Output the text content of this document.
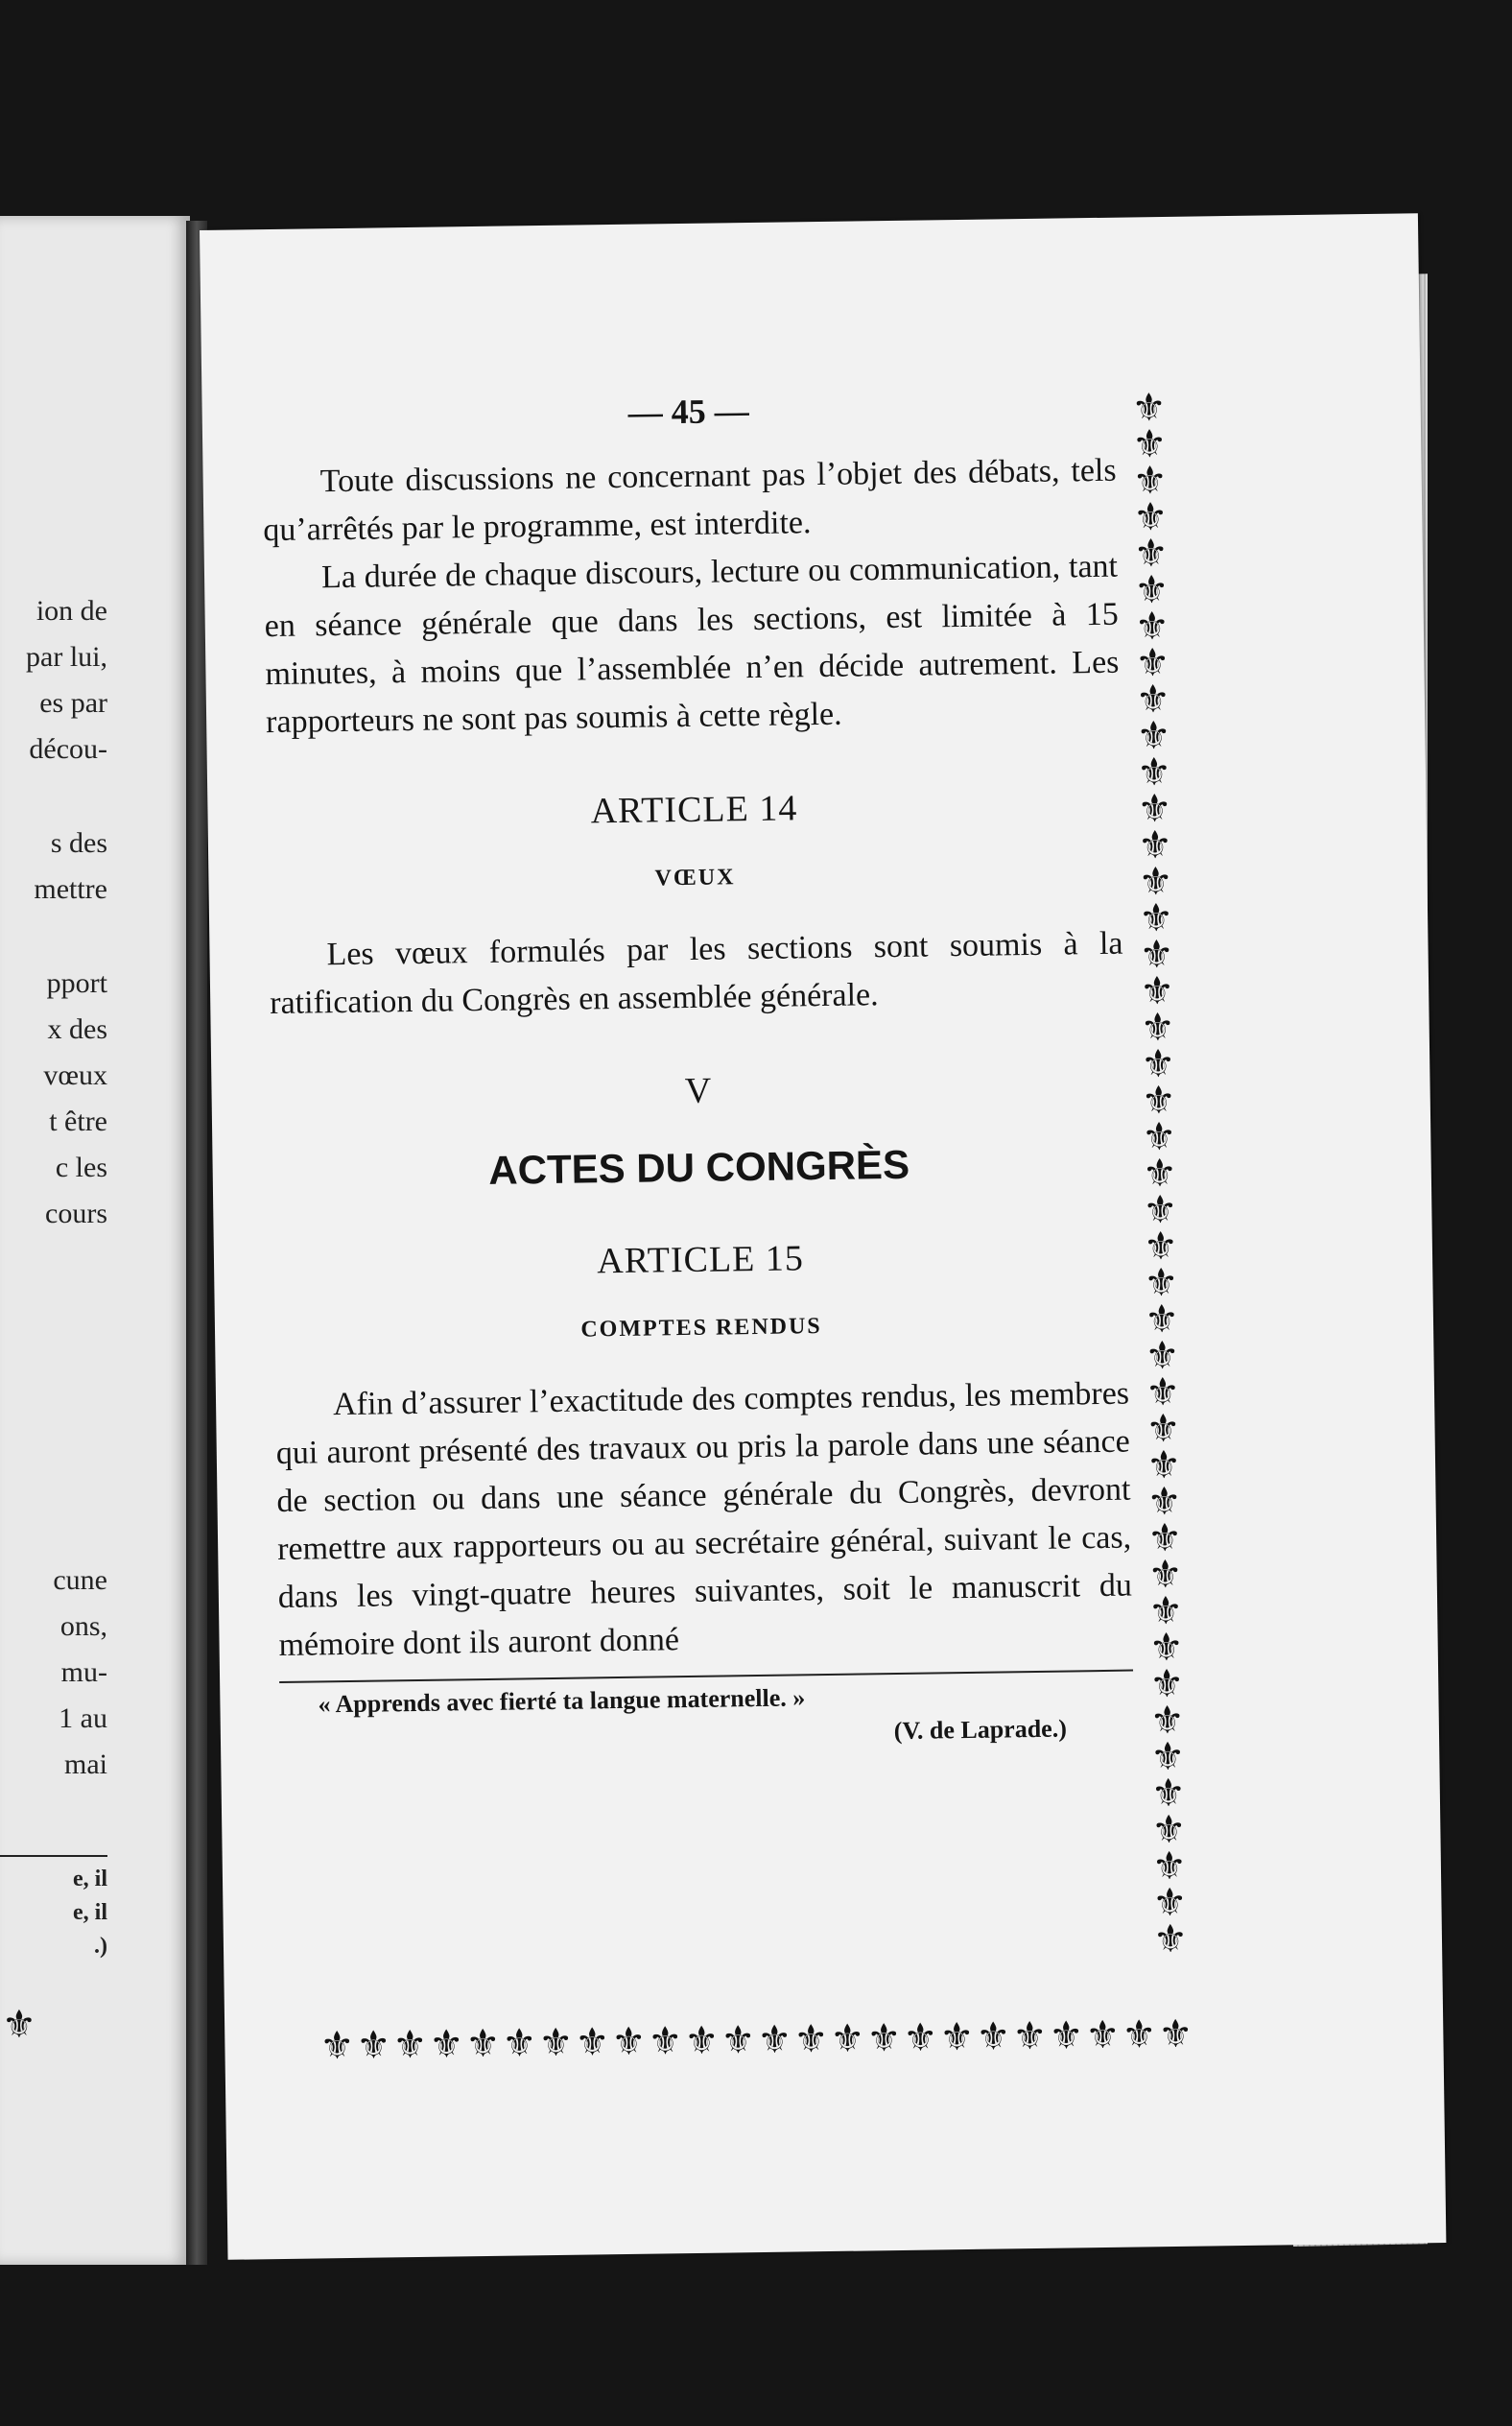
ion de
par lui,
es par
décou-
s des
mettre
pport
x des
vœux
t être
c les
cours
cune
ons,
mu-
1 au
mai
e, il
e, il
.)
⚜

— 45 —

Toute discussions ne concernant pas l’objet des débats, tels qu’arrêtés par le programme, est interdite.

La durée de chaque discours, lecture ou communication, tant en séance générale que dans les sections, est limitée à 15 minutes, à moins que l’assemblée n’en décide autrement. Les rapporteurs ne sont pas soumis à cette règle.

ARTICLE 14

VŒUX

Les vœux formulés par les sections sont soumis à la ratification du Congrès en assemblée générale.

V

ACTES DU CONGRÈS

ARTICLE 15

COMPTES RENDUS

Afin d’assurer l’exactitude des comptes rendus, les membres qui auront présenté des travaux ou pris la parole dans une séance de section ou dans une séance générale du Congrès, devront remettre aux rapporteurs ou au secrétaire général, suivant le cas, dans les vingt-quatre heures suivantes, soit le manuscrit du mémoire dont ils auront donné

« Apprends avec fierté ta langue maternelle. »

(V. de Laprade.)

⚜
⚜
⚜
⚜
⚜
⚜
⚜
⚜
⚜
⚜
⚜
⚜
⚜
⚜
⚜
⚜
⚜
⚜
⚜
⚜
⚜
⚜
⚜
⚜
⚜
⚜
⚜
⚜
⚜
⚜
⚜
⚜
⚜
⚜
⚜
⚜
⚜
⚜
⚜
⚜
⚜
⚜
⚜
⚜ ⚜ ⚜ ⚜ ⚜ ⚜ ⚜ ⚜ ⚜ ⚜ ⚜ ⚜ ⚜ ⚜ ⚜ ⚜ ⚜ ⚜ ⚜ ⚜ ⚜ ⚜ ⚜ ⚜
